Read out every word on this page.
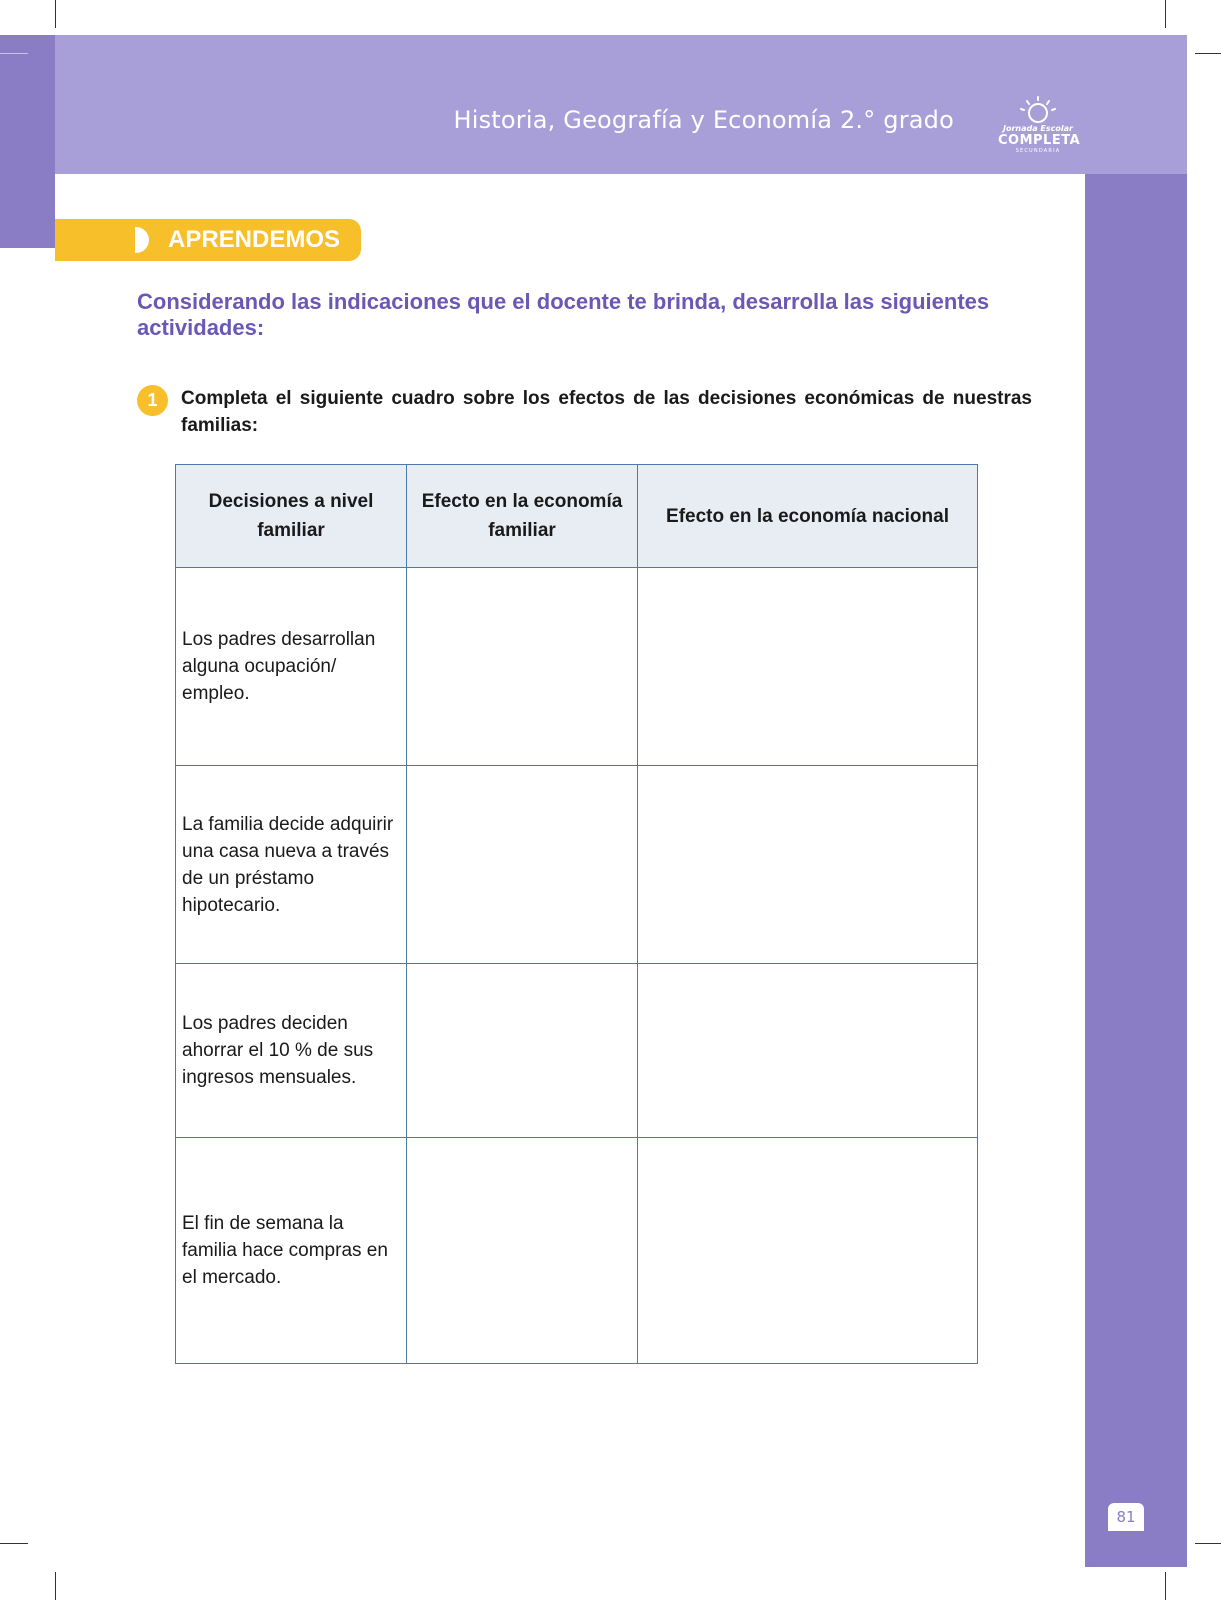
Historia, Geografía y Economía 2.° grado	Jornada Escolar
COMPLETA
SECUNDARIA
APRENDEMOS
Considerando las indicaciones que el docente te brinda, desarrolla las siguientes actividades:
1	Completa el siguiente cuadro sobre los efectos de las decisiones económicas de nuestras familias:
Decisiones a nivel familiar	Efecto en la economía familiar	Efecto en la economía nacional
Los padres desarrollan alguna ocupación/ empleo.		
La familia decide adquirir una casa nueva a través de un préstamo hipotecario.		
Los padres deciden ahorrar el 10 % de sus ingresos mensuales.		
El fin de semana la familia hace compras en el mercado.		
81
